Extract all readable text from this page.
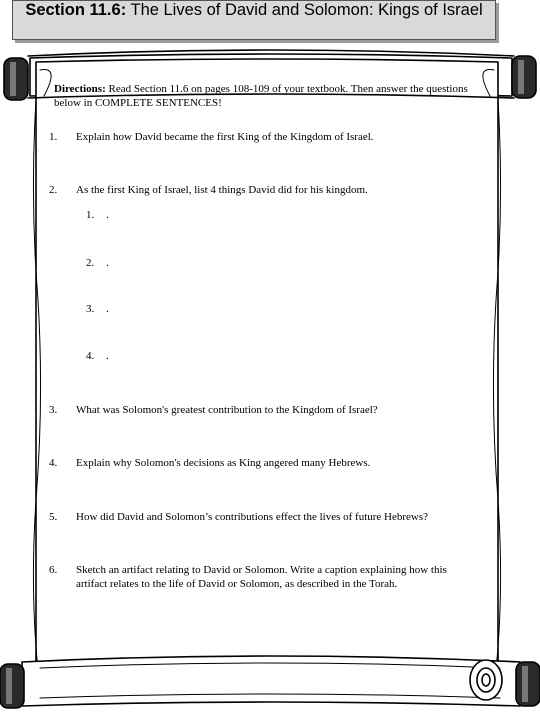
Section 11.6: The Lives of David and Solomon: Kings of Israel
Directions: Read Section 11.6 on pages 108-109 of your textbook. Then answer the questions below in COMPLETE SENTENCES!
1. Explain how David became the first King of the Kingdom of Israel.
2. As the first King of Israel, list 4 things David did for his kingdom.
1. .
2. .
3. .
4. .
3. What was Solomon's greatest contribution to the Kingdom of Israel?
4. Explain why Solomon's decisions as King angered many Hebrews.
5. How did David and Solomon’s contributions effect the lives of future Hebrews?
6. Sketch an artifact relating to David or Solomon. Write a caption explaining how this artifact relates to the life of David or Solomon, as described in the Torah.
